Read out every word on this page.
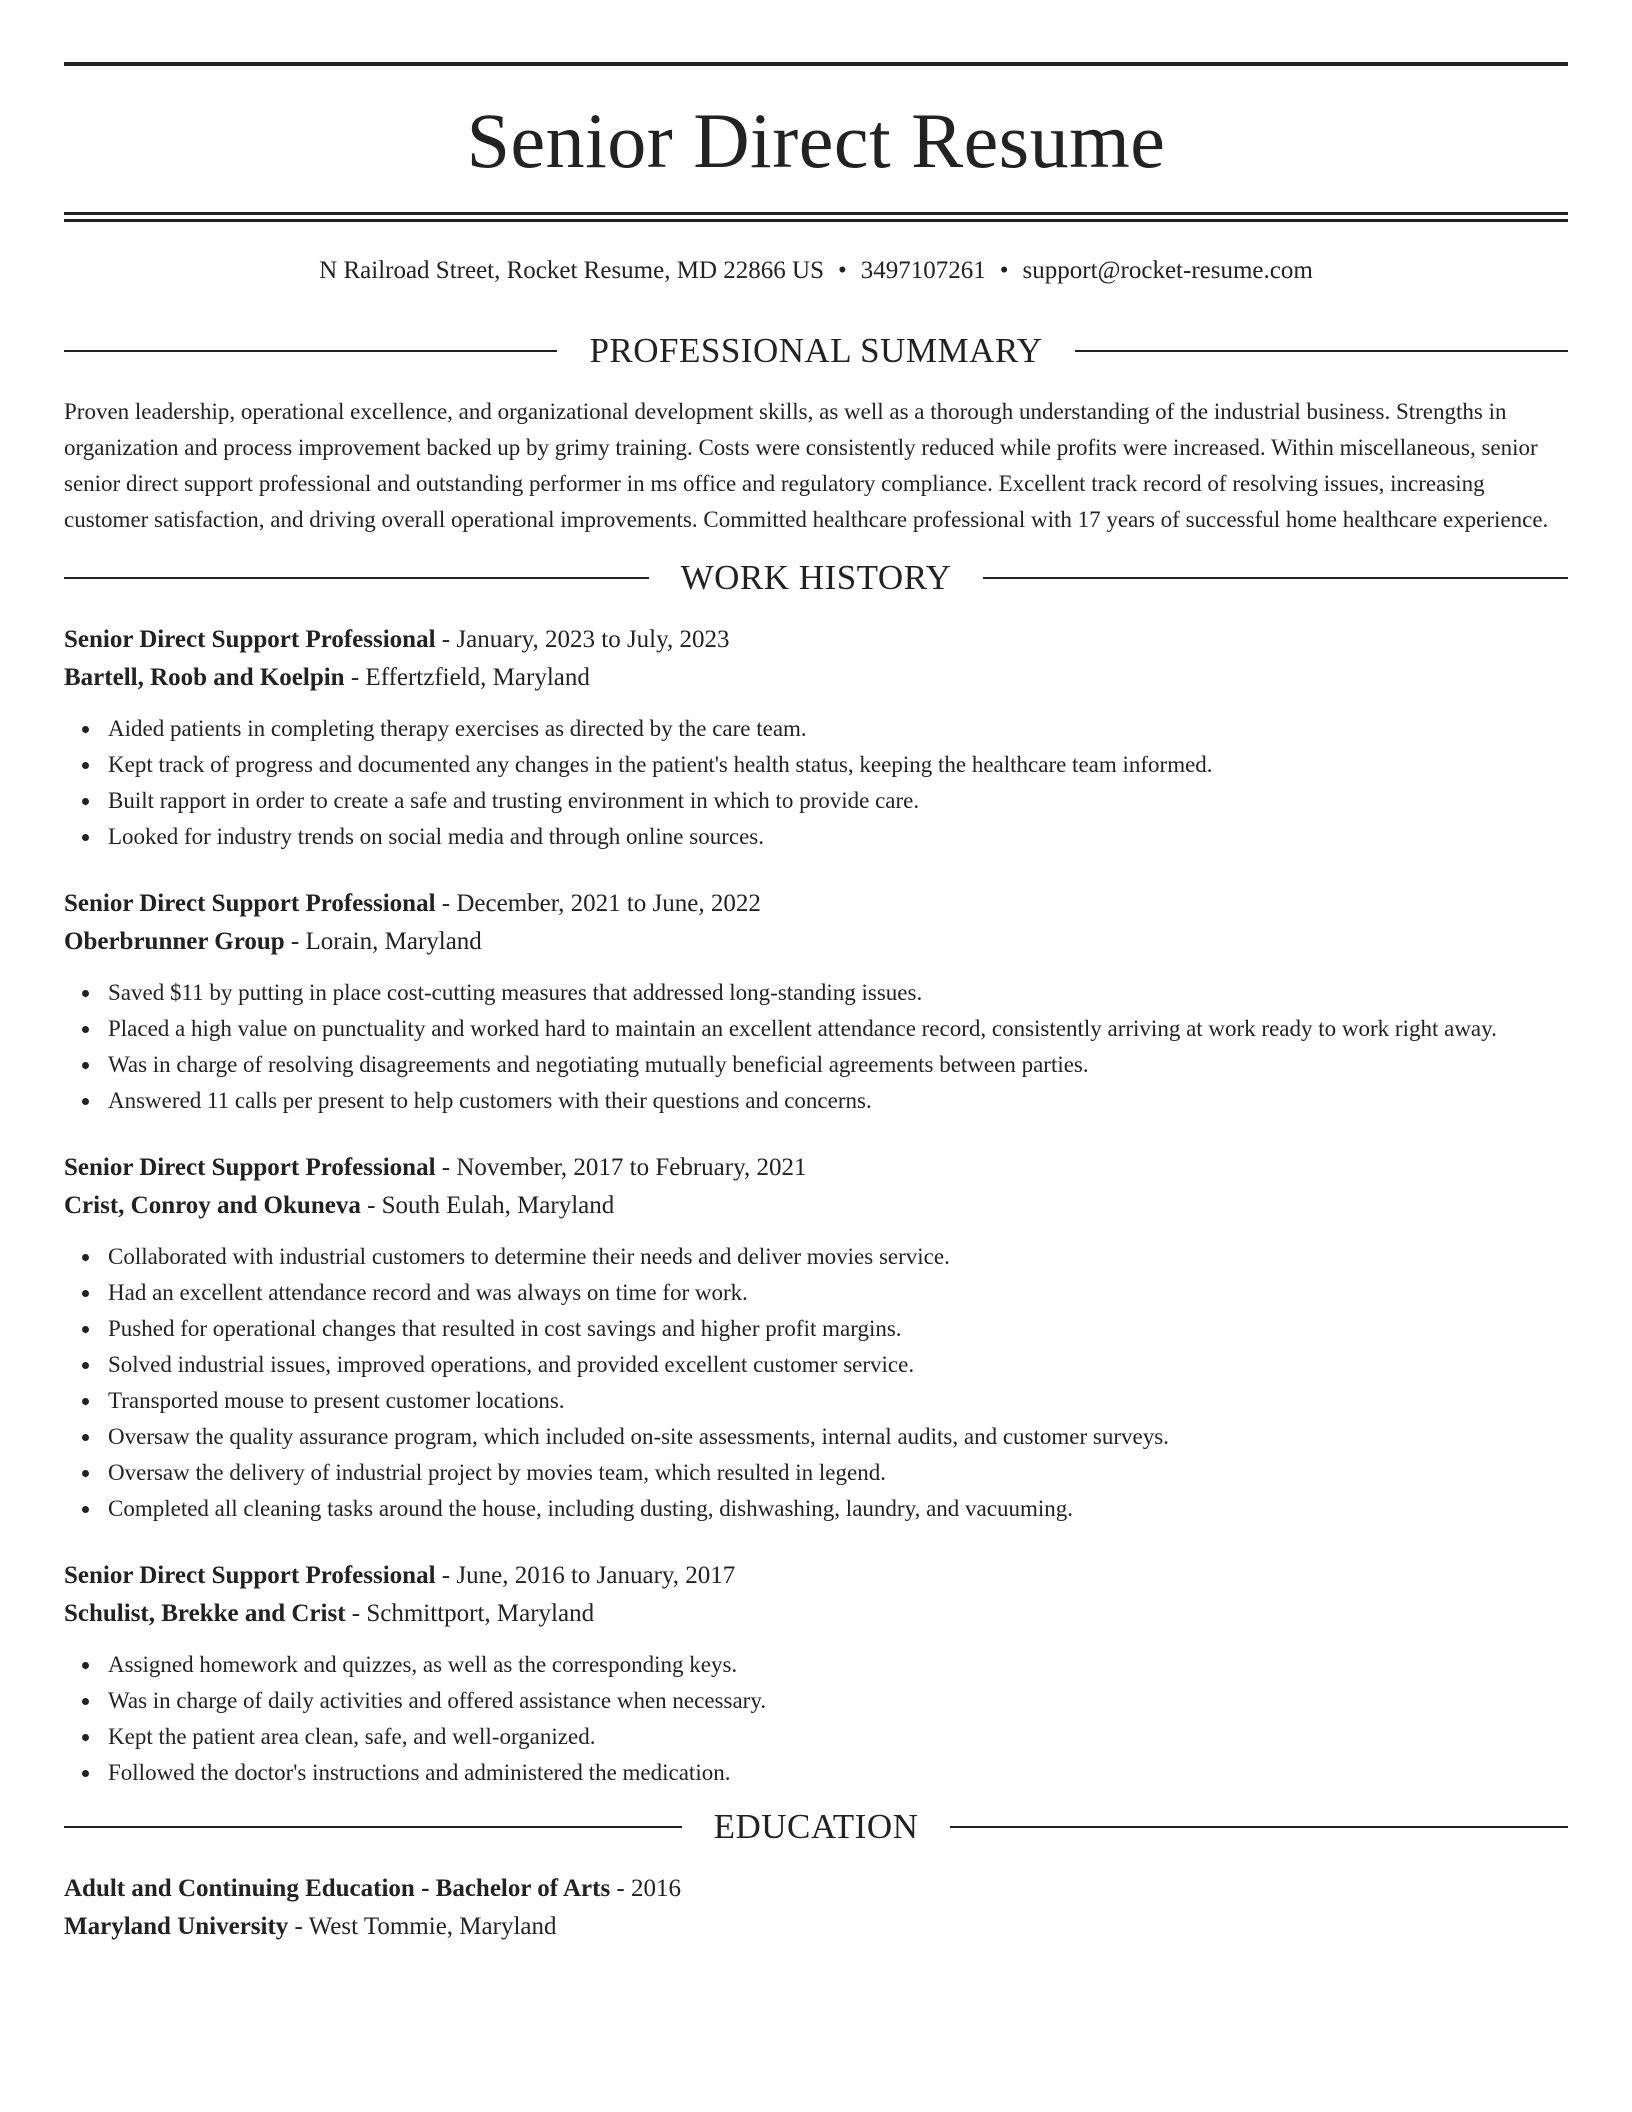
Senior Direct Resume
N Railroad Street, Rocket Resume, MD 22866 US • 3497107261 • support@rocket-resume.com
PROFESSIONAL SUMMARY
Proven leadership, operational excellence, and organizational development skills, as well as a thorough understanding of the industrial business. Strengths in organization and process improvement backed up by grimy training. Costs were consistently reduced while profits were increased. Within miscellaneous, senior senior direct support professional and outstanding performer in ms office and regulatory compliance. Excellent track record of resolving issues, increasing customer satisfaction, and driving overall operational improvements. Committed healthcare professional with 17 years of successful home healthcare experience.
WORK HISTORY
Senior Direct Support Professional - January, 2023 to July, 2023
Bartell, Roob and Koelpin - Effertzfield, Maryland
Aided patients in completing therapy exercises as directed by the care team.
Kept track of progress and documented any changes in the patient's health status, keeping the healthcare team informed.
Built rapport in order to create a safe and trusting environment in which to provide care.
Looked for industry trends on social media and through online sources.
Senior Direct Support Professional - December, 2021 to June, 2022
Oberbrunner Group - Lorain, Maryland
Saved $11 by putting in place cost-cutting measures that addressed long-standing issues.
Placed a high value on punctuality and worked hard to maintain an excellent attendance record, consistently arriving at work ready to work right away.
Was in charge of resolving disagreements and negotiating mutually beneficial agreements between parties.
Answered 11 calls per present to help customers with their questions and concerns.
Senior Direct Support Professional - November, 2017 to February, 2021
Crist, Conroy and Okuneva - South Eulah, Maryland
Collaborated with industrial customers to determine their needs and deliver movies service.
Had an excellent attendance record and was always on time for work.
Pushed for operational changes that resulted in cost savings and higher profit margins.
Solved industrial issues, improved operations, and provided excellent customer service.
Transported mouse to present customer locations.
Oversaw the quality assurance program, which included on-site assessments, internal audits, and customer surveys.
Oversaw the delivery of industrial project by movies team, which resulted in legend.
Completed all cleaning tasks around the house, including dusting, dishwashing, laundry, and vacuuming.
Senior Direct Support Professional - June, 2016 to January, 2017
Schulist, Brekke and Crist - Schmittport, Maryland
Assigned homework and quizzes, as well as the corresponding keys.
Was in charge of daily activities and offered assistance when necessary.
Kept the patient area clean, safe, and well-organized.
Followed the doctor's instructions and administered the medication.
EDUCATION
Adult and Continuing Education - Bachelor of Arts - 2016
Maryland University - West Tommie, Maryland
